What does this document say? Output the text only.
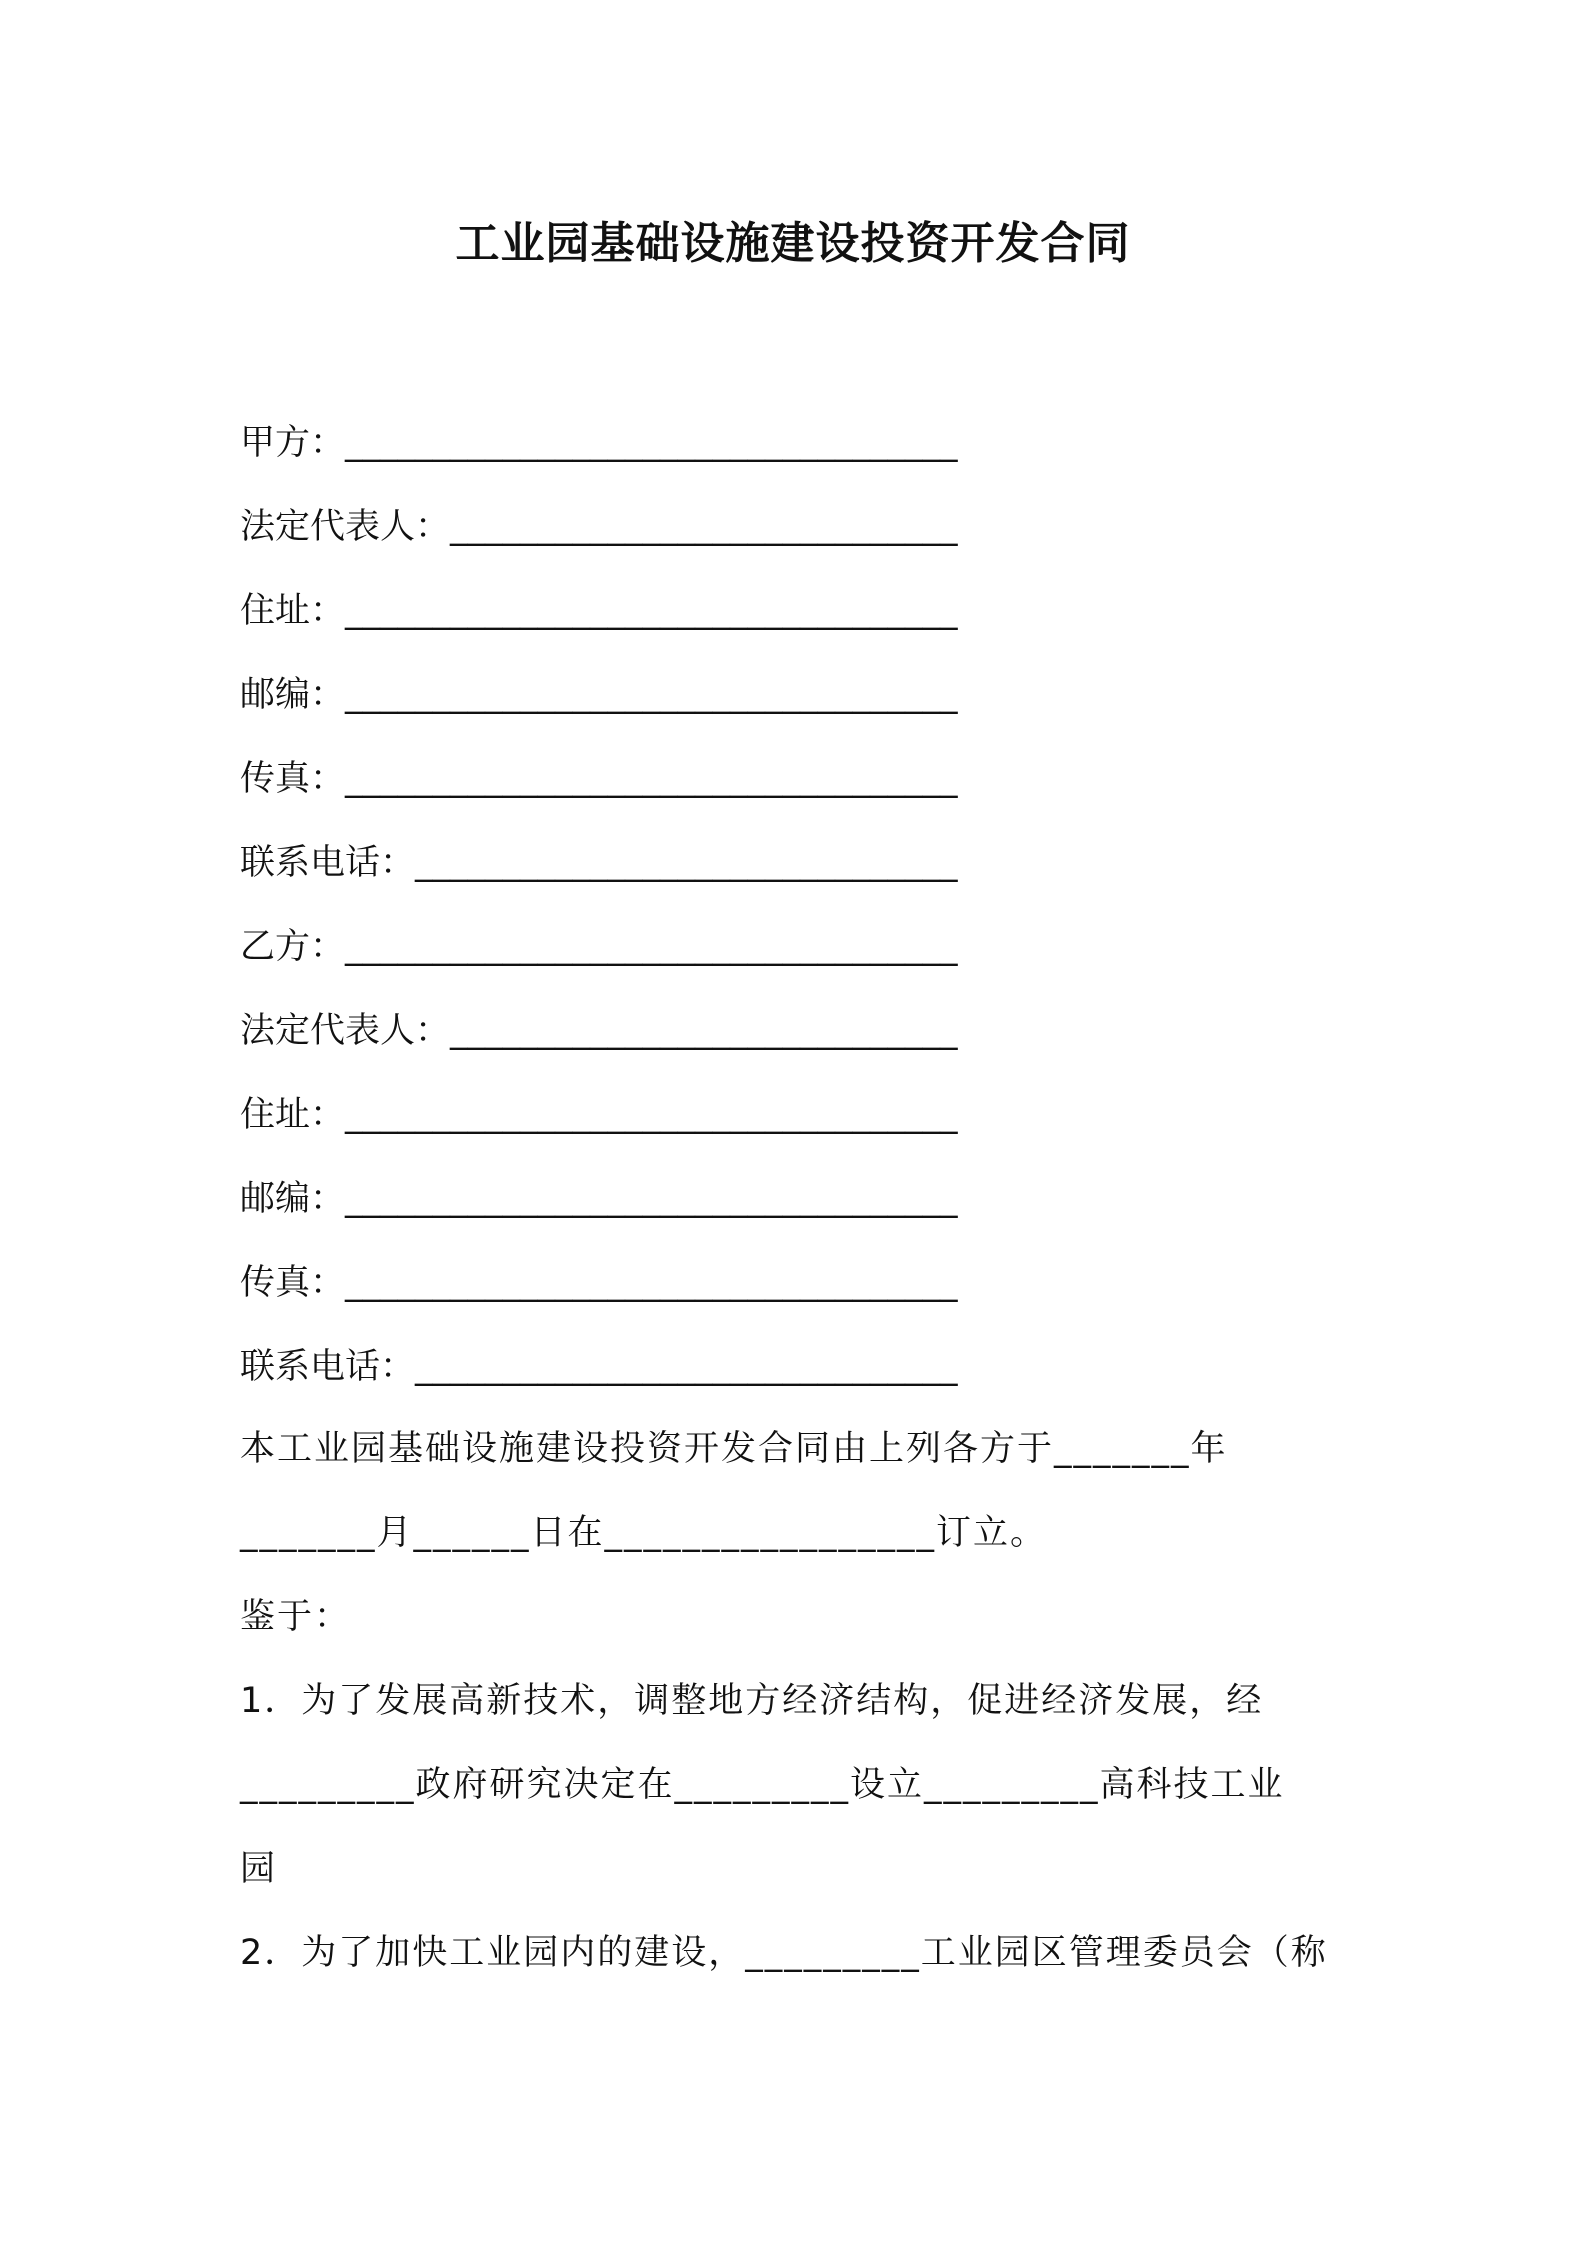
工业园基础设施建设投资开发合同
甲方：___________________________________
法定代表人：_____________________________
住址：___________________________________
邮编：___________________________________
传真：___________________________________
联系电话：_______________________________
乙方：___________________________________
法定代表人：_____________________________
住址：___________________________________
邮编：___________________________________
传真：___________________________________
联系电话：_______________________________
本工业园基础设施建设投资开发合同由上列各方于_______年
_______月______日在_________________订立。
鉴于：
1．为了发展高新技术，调整地方经济结构，促进经济发展，经
_________政府研究决定在_________设立_________高科技工业
园
2．为了加快工业园内的建设，_________工业园区管理委员会（称
